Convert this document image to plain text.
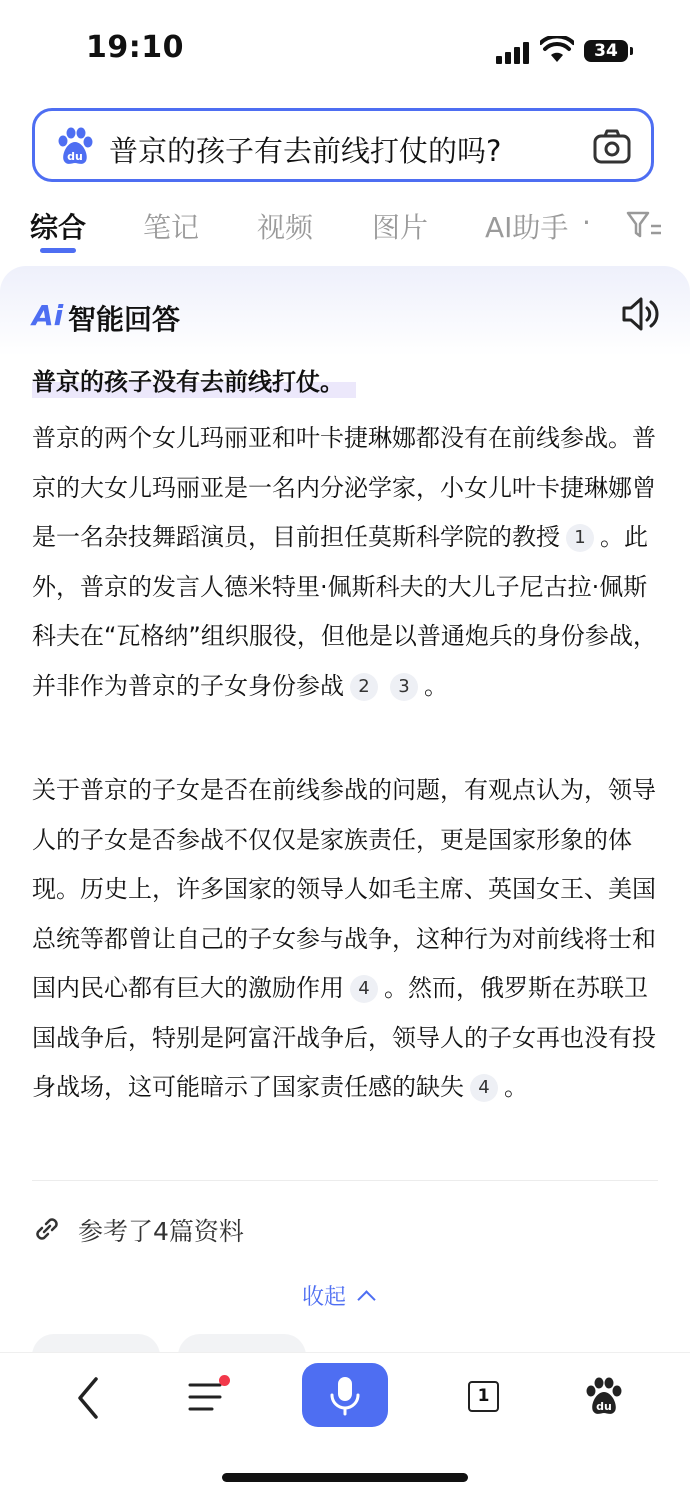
19:10	34
du 普京的孩子有去前线打仗的吗?
综合 笔记 视频 图片 AI助手 ·
Ai 智能回答
普京的孩子没有去前线打仗。

普京的两个女儿玛丽亚和叶卡捷琳娜都没有在前线参战。普京的大女儿玛丽亚是一名内分泌学家，小女儿叶卡捷琳娜曾是一名杂技舞蹈演员，目前担任莫斯科学院的教授 1 。此外，普京的发言人德米特里·佩斯科夫的大儿子尼古拉·佩斯科夫在“瓦格纳”组织服役，但他是以普通炮兵的身份参战，并非作为普京的子女身份参战 2 3 。

关于普京的子女是否在前线参战的问题，有观点认为，领导人的子女是否参战不仅仅是家族责任，更是国家形象的体现。历史上，许多国家的领导人如毛主席、英国女王、美国总统等都曾让自己的子女参与战争，这种行为对前线将士和国内民心都有巨大的激励作用 4 。然而，俄罗斯在苏联卫国战争后，特别是阿富汗战争后，领导人的子女再也没有投身战场，这可能暗示了国家责任感的缺失 4 。

参考了4篇资料
收起
1
du
